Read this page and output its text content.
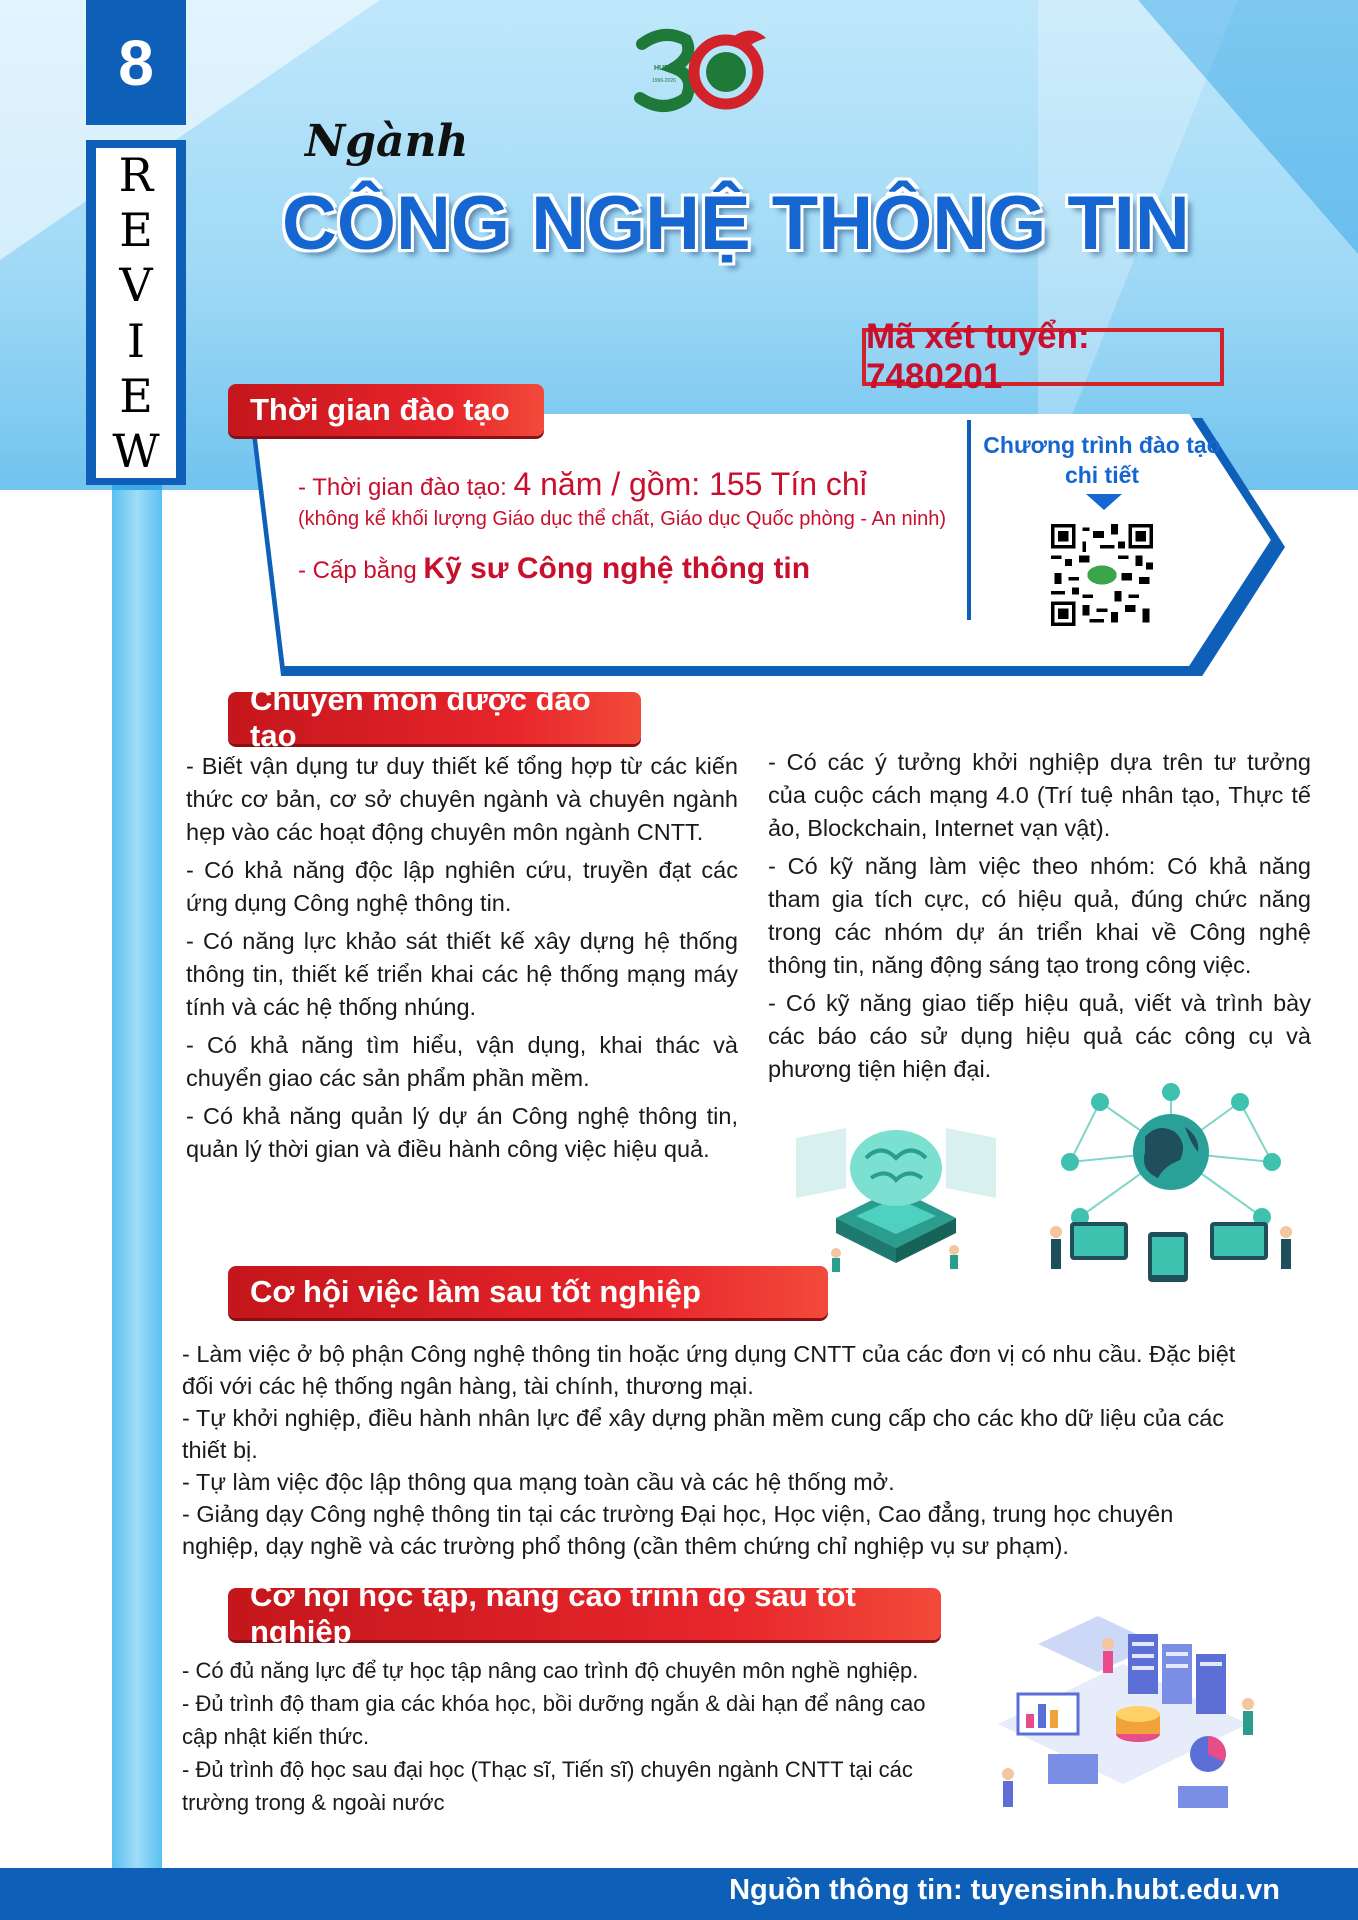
8
R
E
V
I
E
W
HUBT
1996-2026
Ngành
CÔNG NGHỆ THÔNG TIN
Mã xét tuyển: 7480201
Thời gian đào tạo
- Thời gian đào tạo: 4 năm / gồm: 155 Tín chỉ
(không kể khối lượng Giáo dục thể chất, Giáo dục Quốc phòng - An ninh)
- Cấp bằng Kỹ sư Công nghệ thông tin
Chương trình đào tạo chi tiết
Chuyên môn được đào tạo

- Biết vận dụng tư duy thiết kế tổng hợp từ các kiến thức cơ bản, cơ sở chuyên ngành và chuyên ngành hẹp vào các hoạt động chuyên môn ngành CNTT.

- Có khả năng độc lập nghiên cứu, truyền đạt các ứng dụng Công nghệ thông tin.

- Có năng lực khảo sát thiết kế xây dựng hệ thống thông tin, thiết kế triển khai các hệ thống mạng máy tính và các hệ thống nhúng.

- Có khả năng tìm hiểu, vận dụng, khai thác và chuyển giao các sản phẩm phần mềm.

- Có khả năng quản lý dự án Công nghệ thông tin, quản lý thời gian và điều hành công việc hiệu quả.

- Có các ý tưởng khởi nghiệp dựa trên tư tưởng của cuộc cách mạng 4.0 (Trí tuệ nhân tạo, Thực tế ảo, Blockchain, Internet vạn vật).

- Có kỹ năng làm việc theo nhóm: Có khả năng tham gia tích cực, có hiệu quả, đúng chức năng trong các nhóm dự án triển khai về Công nghệ thông tin, năng động sáng tạo trong công việc.

- Có kỹ năng giao tiếp hiệu quả, viết và trình bày các báo cáo sử dụng hiệu quả các công cụ và phương tiện hiện đại.

Cơ hội việc làm sau tốt nghiệp
- Làm việc ở bộ phận Công nghệ thông tin hoặc ứng dụng CNTT của các đơn vị có nhu cầu. Đặc biệt đối với các hệ thống ngân hàng, tài chính, thương mại.
- Tự khởi nghiệp, điều hành nhân lực để xây dựng phần mềm cung cấp cho các kho dữ liệu của các thiết bị.
- Tự làm việc độc lập thông qua mạng toàn cầu và các hệ thống mở.
- Giảng dạy Công nghệ thông tin tại các trường Đại học, Học viện, Cao đẳng, trung học chuyên nghiệp, dạy nghề và các trường phổ thông (cần thêm chứng chỉ nghiệp vụ sư phạm).
Cơ hội học tập, nâng cao trình độ sau tốt nghiệp
- Có đủ năng lực để tự học tập nâng cao trình độ chuyên môn nghề nghiệp.
- Đủ trình độ tham gia các khóa học, bồi dưỡng ngắn & dài hạn để nâng cao cập nhật kiến thức.
- Đủ trình độ học sau đại học (Thạc sĩ, Tiến sĩ) chuyên ngành CNTT tại các trường trong & ngoài nước
Nguồn thông tin: tuyensinh.hubt.edu.vn
